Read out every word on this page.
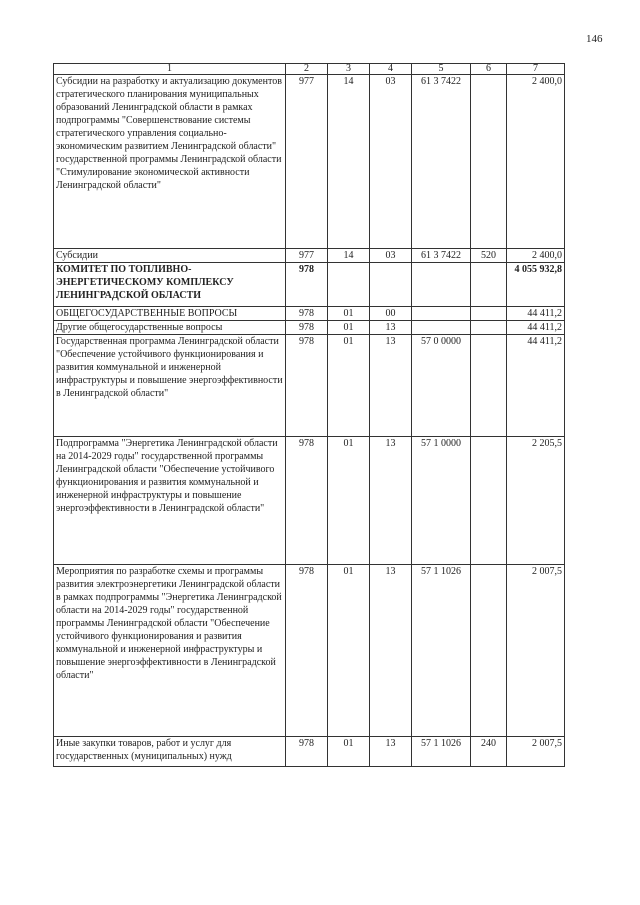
146
1	2	3	4	5	6	7
Субсидии на разработку и актуализацию документов стратегического планирования муниципальных образований Ленинградской области в рамках подпрограммы "Совершенствование системы стратегического управления социально-экономическим развитием Ленинградской области" государственной программы Ленинградской области "Стимулирование экономической активности Ленинградской области"	977	14	03	61 3 7422		2 400,0
Субсидии	977	14	03	61 3 7422	520	2 400,0
КОМИТЕТ ПО ТОПЛИВНО-ЭНЕРГЕТИЧЕСКОМУ КОМПЛЕКСУ ЛЕНИНГРАДСКОЙ ОБЛАСТИ	978					4 055 932,8
ОБЩЕГОСУДАРСТВЕННЫЕ ВОПРОСЫ	978	01	00			44 411,2
Другие общегосударственные вопросы	978	01	13			44 411,2
Государственная программа Ленинградской области "Обеспечение устойчивого функционирования и развития коммунальной и инженерной инфраструктуры и повышение энергоэффективности в Ленинградской области"	978	01	13	57 0 0000		44 411,2
Подпрограмма "Энергетика Ленинградской области на 2014-2029 годы" государственной программы Ленинградской области "Обеспечение устойчивого функционирования и развития коммунальной и инженерной инфраструктуры и повышение энергоэффективности в Ленинградской области"	978	01	13	57 1 0000		2 205,5
Мероприятия по разработке схемы и программы развития электроэнергетики Ленинградской области в рамках подпрограммы "Энергетика Ленинградской области на 2014-2029 годы" государственной программы Ленинградской области "Обеспечение устойчивого функционирования и развития коммунальной и инженерной инфраструктуры и повышение энергоэффективности в Ленинградской области"	978	01	13	57 1 1026		2 007,5
Иные закупки товаров, работ и услуг для государственных (муниципальных) нужд	978	01	13	57 1 1026	240	2 007,5
